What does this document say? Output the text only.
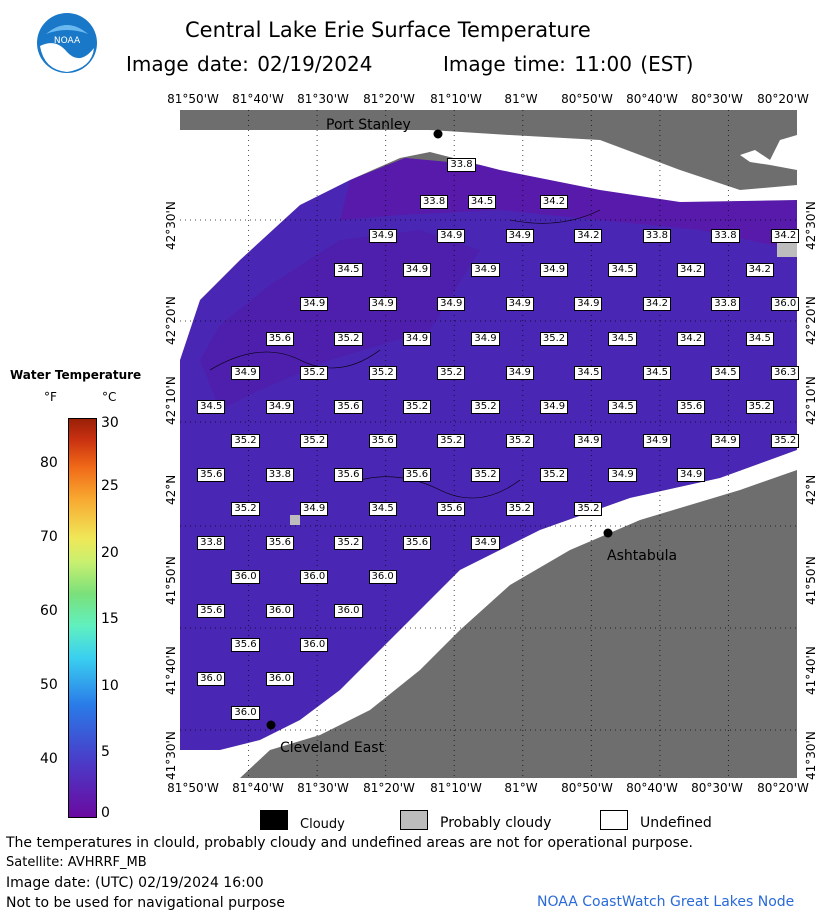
NOAA	Central Lake Erie Surface Temperature
Image date: 02/19/2024	Image time: 11:00 (EST)
33.8
33.8	34.5	34.2
34.9	34.9	34.9	34.2	33.8	33.8	34.2
34.5	34.9	34.9	34.9	34.5	34.2	34.2
34.9	34.9	34.9	34.9	34.9	34.2	33.8	36.0
35.6	35.2	34.9	34.9	35.2	34.5	34.2	34.5
34.9	35.2	35.2	35.2	34.9	34.5	34.5	34.5	36.3
34.5	34.9	35.6	35.2	35.2	34.9	34.5	35.6	35.2
35.2	35.2	35.6	35.2	35.2	34.9	34.9	34.9	35.2
35.6	33.8	35.6	35.6	35.2	35.2	34.9	34.9
35.2	34.9	34.5	35.6	35.2	35.2
33.8	35.6	35.2	35.6	34.9
36.0	36.0	36.0
35.6	36.0	36.0
35.6	36.0
36.0	36.0
36.0
Port Stanley
Ashtabula
Cleveland East
81°50'W 81°40'W 81°30'W 81°20'W 81°10'W 81°W 80°50'W 80°40'W 80°30'W 80°20'W
81°50'W 81°40'W 81°30'W 81°20'W 81°10'W 81°W 80°50'W 80°40'W 80°30'W 80°20'W
42°30'N
42°20'N
42°10'N
42°N
41°50'N
41°40'N
41°30'N
42°30'N
42°20'N
42°10'N
42°N
41°50'N
41°40'N
41°30'N
Water Temperature
°F	°C
80
70
60
50
40
30
25
20
15
10
5
0
Cloudy	Probably cloudy	Undefined
The temperatures in clould, probably cloudy and undefined areas are not for operational purpose.
Satellite: AVHRRF_MB
Image date: (UTC) 02/19/2024 16:00
Not to be used for navigational purpose	NOAA CoastWatch Great Lakes Node
